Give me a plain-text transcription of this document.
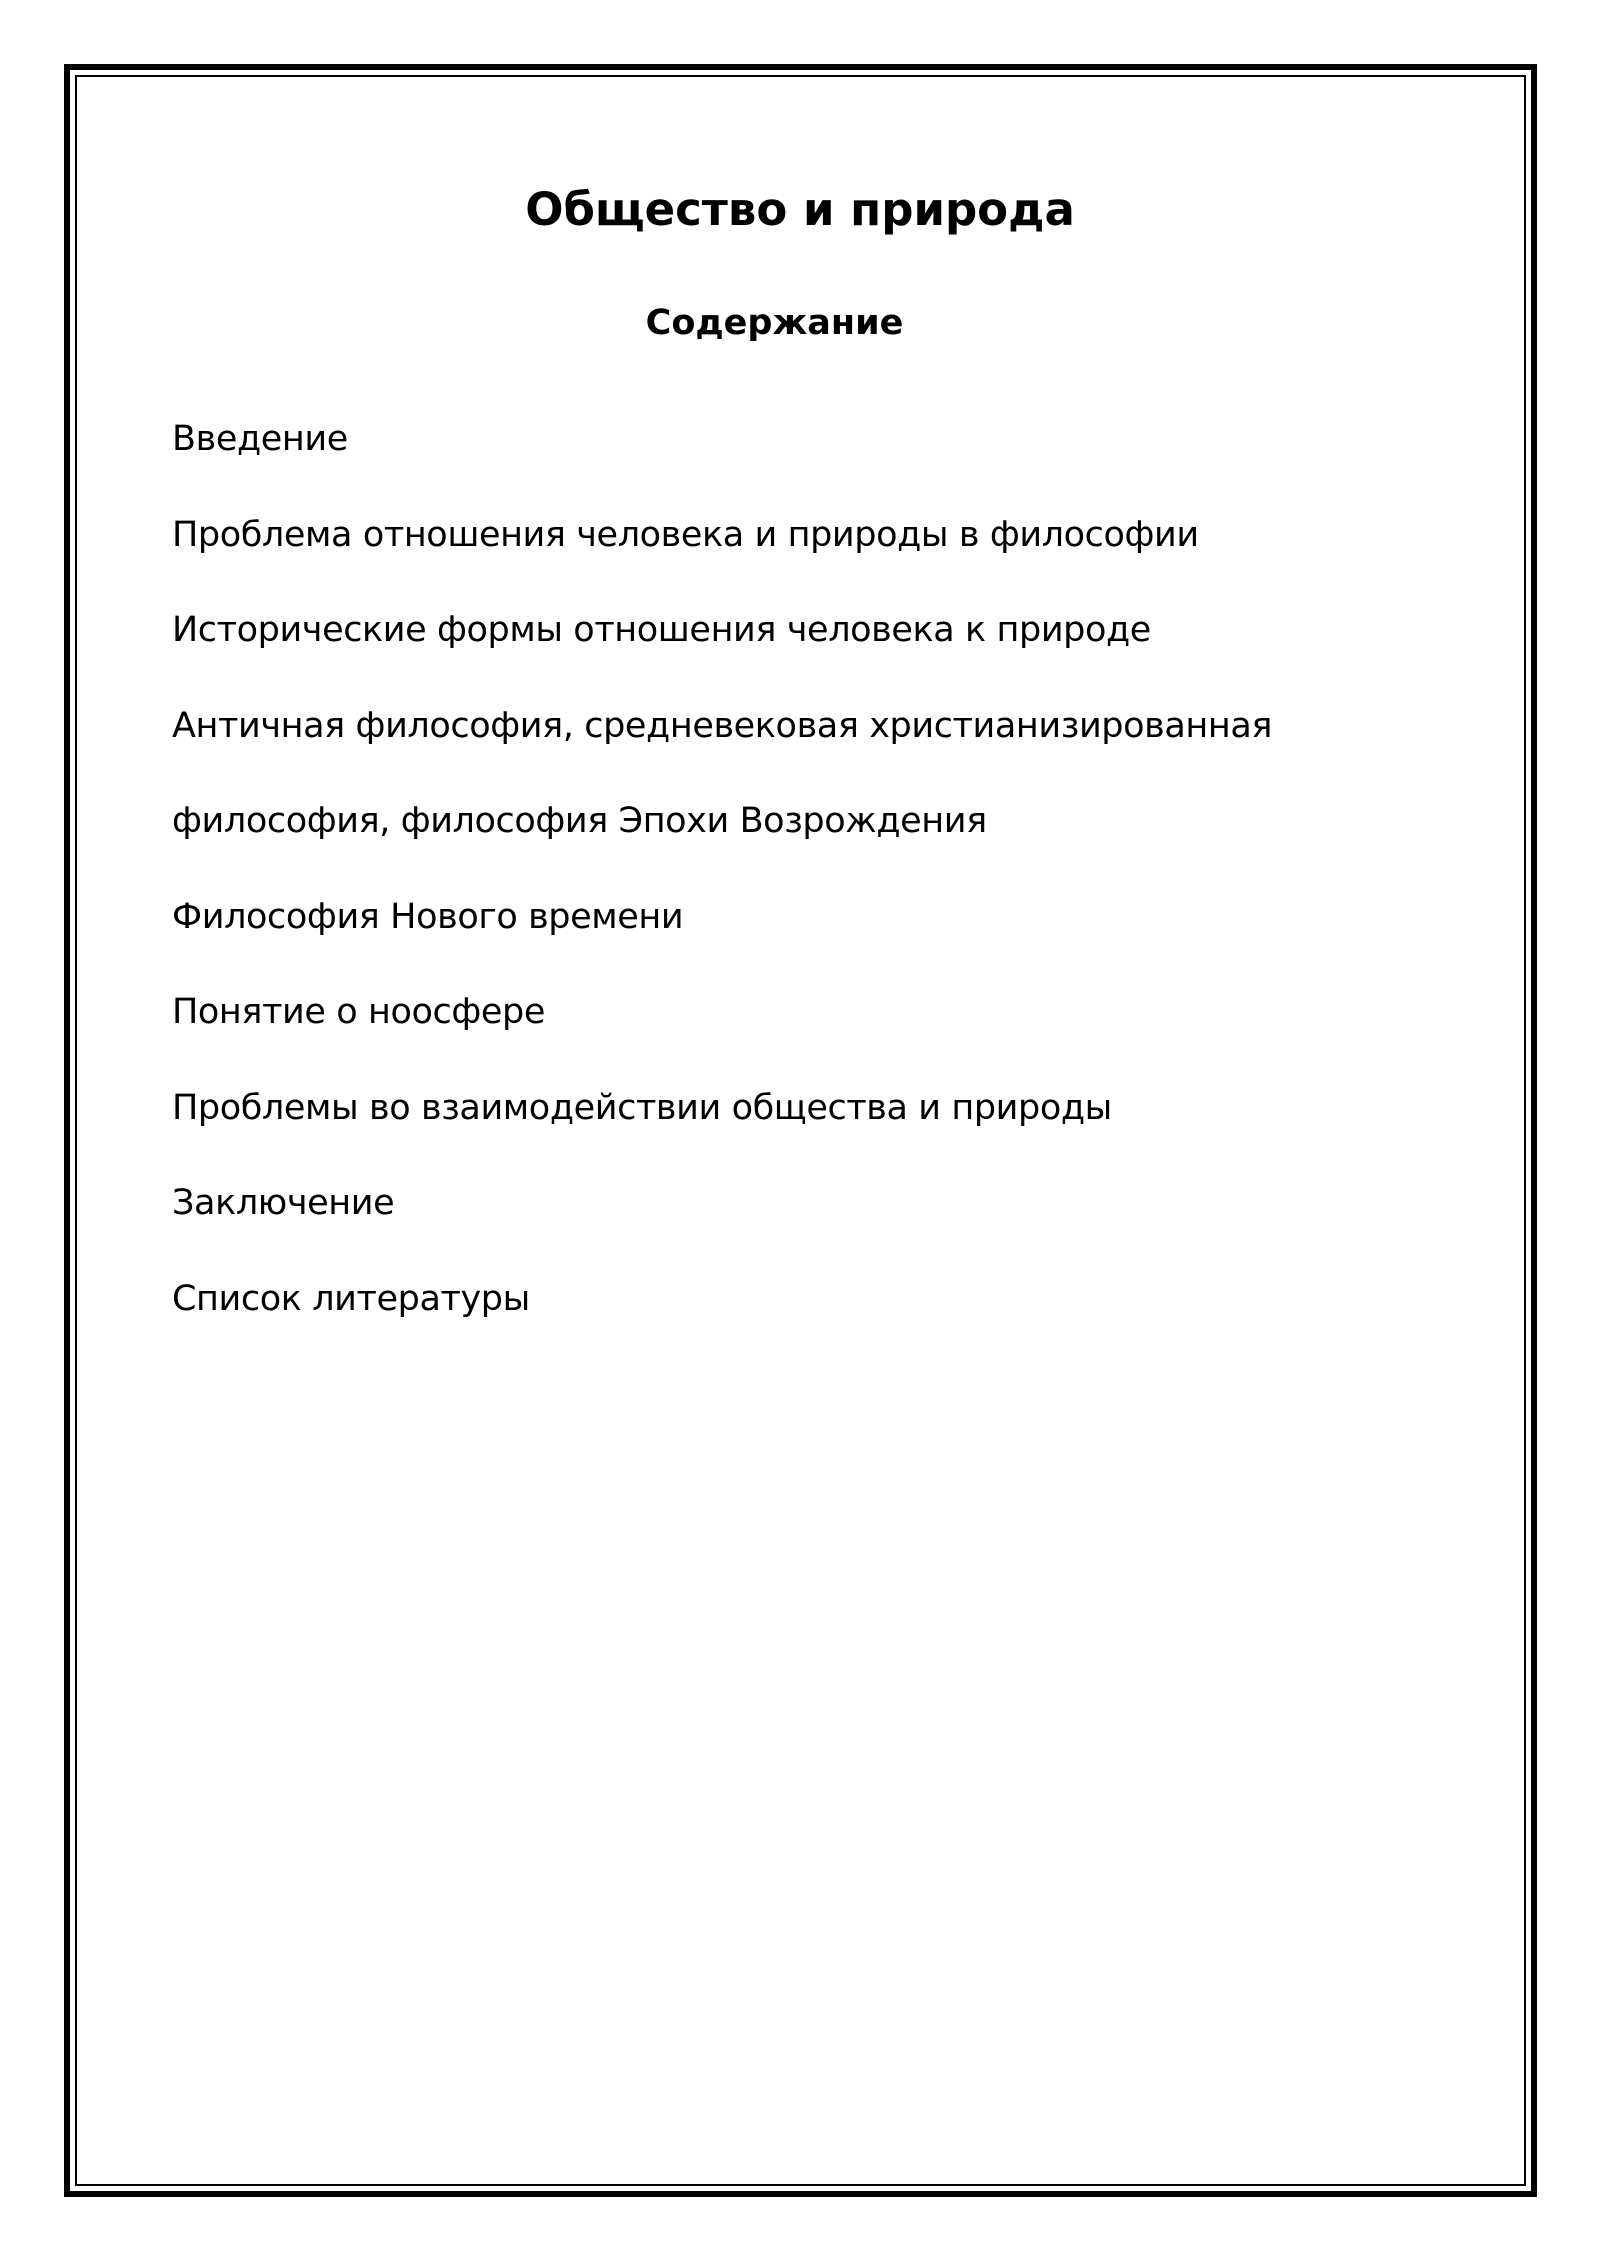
Общество и природа
Содержание
Введение
Проблема отношения человека и природы в философии
Исторические формы отношения человека к природе
Античная философия, средневековая христианизированная
философия, философия Эпохи Возрождения
Философия Нового времени
Понятие о ноосфере
Проблемы во взаимодействии общества и природы
Заключение
Список литературы
